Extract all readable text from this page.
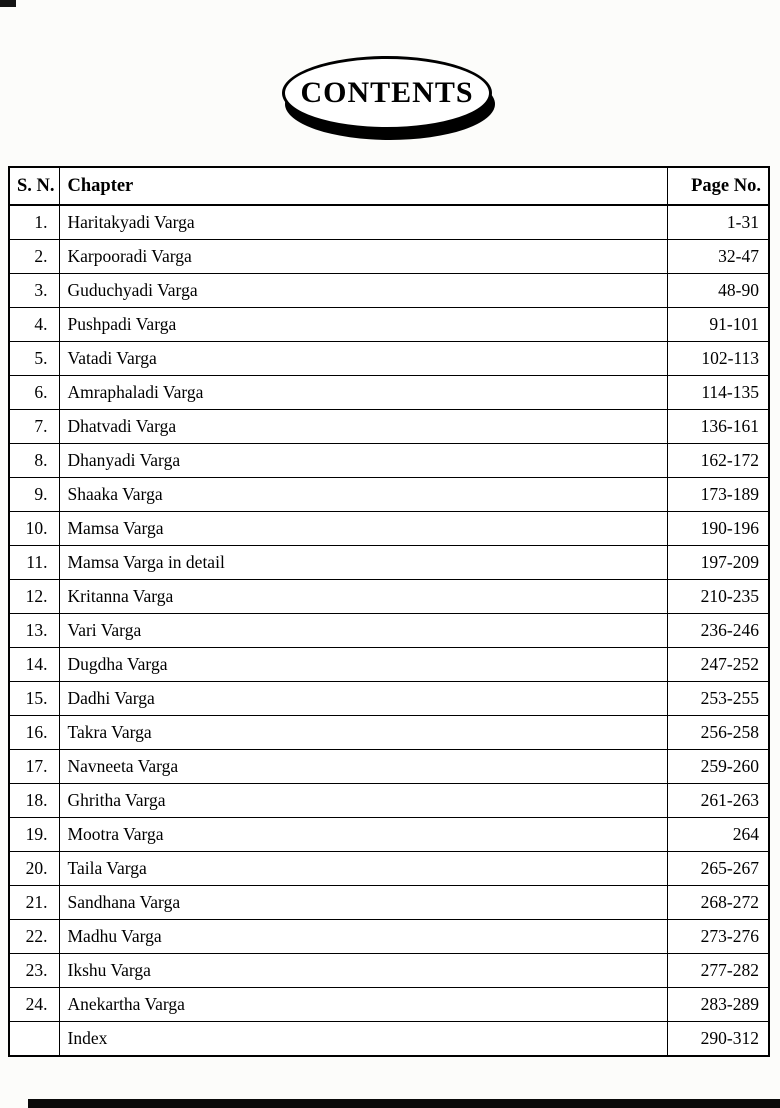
CONTENTS
S. N.	Chapter	Page No.
1.	Haritakyadi Varga	1-31
2.	Karpooradi Varga	32-47
3.	Guduchyadi Varga	48-90
4.	Pushpadi Varga	91-101
5.	Vatadi Varga	102-113
6.	Amraphaladi Varga	114-135
7.	Dhatvadi Varga	136-161
8.	Dhanyadi Varga	162-172
9.	Shaaka Varga	173-189
10.	Mamsa Varga	190-196
11.	Mamsa Varga in detail	197-209
12.	Kritanna Varga	210-235
13.	Vari Varga	236-246
14.	Dugdha Varga	247-252
15.	Dadhi Varga	253-255
16.	Takra Varga	256-258
17.	Navneeta Varga	259-260
18.	Ghritha Varga	261-263
19.	Mootra Varga	264
20.	Taila Varga	265-267
21.	Sandhana Varga	268-272
22.	Madhu Varga	273-276
23.	Ikshu Varga	277-282
24.	Anekartha Varga	283-289
	Index	290-312
